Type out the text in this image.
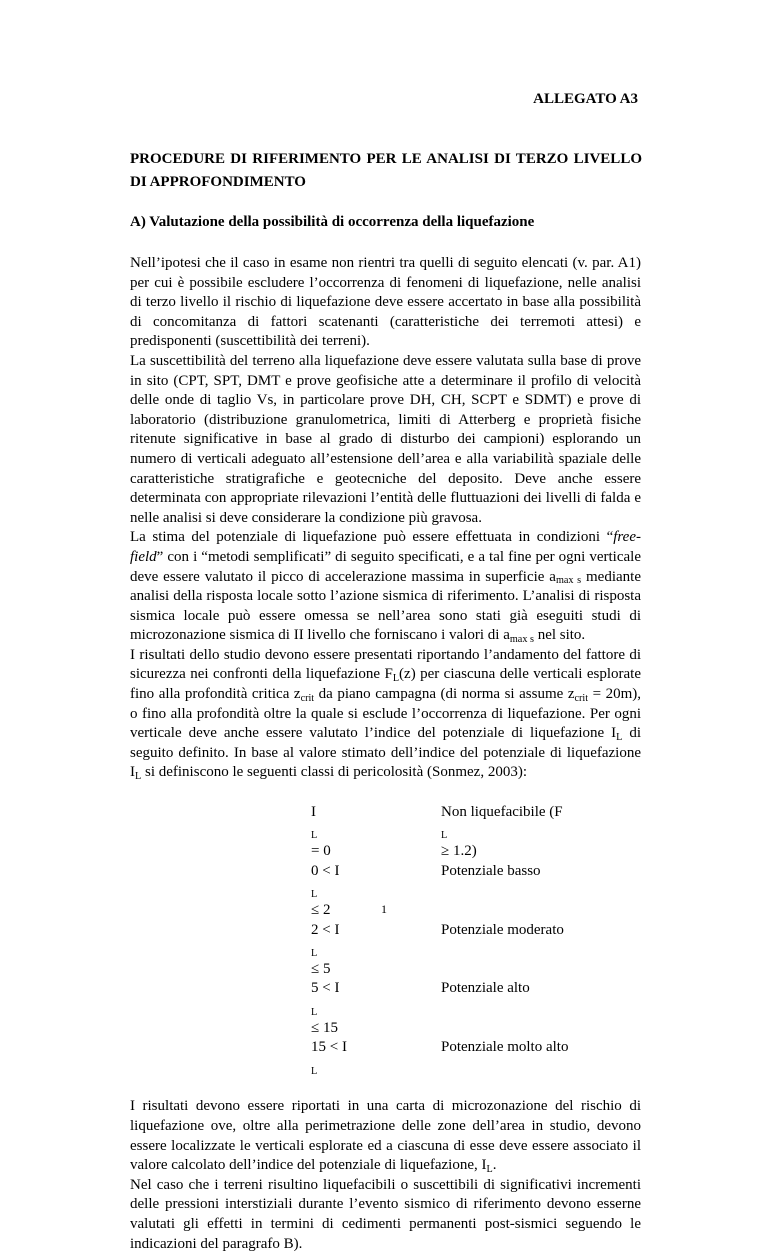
ALLEGATO A3
PROCEDURE DI RIFERIMENTO PER LE ANALISI DI TERZO LIVELLO DI APPROFONDIMENTO
A) Valutazione della possibilità di occorrenza della liquefazione

Nell’ipotesi che il caso in esame non rientri tra quelli di seguito elencati (v. par. A1) per cui è possibile escludere l’occorrenza di fenomeni di liquefazione, nelle analisi di terzo livello il rischio di liquefazione deve essere accertato in base alla possibilità di concomitanza di fattori scatenanti (caratteristiche dei terremoti attesi) e predisponenti (suscettibilità dei terreni).

La suscettibilità del terreno alla liquefazione deve essere valutata sulla base di prove in sito (CPT, SPT, DMT e prove geofisiche atte a determinare il profilo di velocità delle onde di taglio Vs, in particolare prove DH, CH, SCPT e SDMT) e prove di laboratorio (distribuzione granulometrica, limiti di Atterberg e proprietà fisiche ritenute significative in base al grado di disturbo dei campioni) esplorando un numero di verticali adeguato all’estensione dell’area e alla variabilità spaziale delle caratteristiche stratigrafiche e geotecniche del deposito. Deve anche essere determinata con appropriate rilevazioni l’entità delle fluttuazioni dei livelli di falda e nelle analisi si deve considerare la condizione più gravosa.

La stima del potenziale di liquefazione può essere effettuata in condizioni “free-field” con i “metodi semplificati” di seguito specificati, e a tal fine per ogni verticale deve essere valutato il picco di accelerazione massima in superficie $a_{max s}$ mediante analisi della risposta locale sotto l’azione sismica di riferimento. L’analisi di risposta sismica locale può essere omessa se nell’area sono stati già eseguiti studi di microzonazione sismica di II livello che forniscano i valori di $a_{max s}$ nel sito.

I risultati dello studio devono essere presentati riportando l’andamento del fattore di sicurezza nei confronti della liquefazione $F_L(z)$ per ciascuna delle verticali esplorate fino alla profondità critica $z_{crit}$ da piano campagna (di norma si assume $z_{crit} = 20m$), o fino alla profondità oltre la quale si esclude l’occorrenza di liquefazione. Per ogni verticale deve anche essere valutato l’indice del potenziale di liquefazione $I_L$ di seguito definito. In base al valore stimato dell’indice del potenziale di liquefazione $I_L$ si definiscono le seguenti classi di pericolosità (Sonmez, 2003):

I
$_L$
= 0
Non liquefacibile (F
$_L$
≥ 1.2)
0 < I
$_L$
≤ 2
Potenziale basso
2 < I
$_L$
≤ 5
Potenziale moderato
5 < I
$_L$
≤ 15
Potenziale alto
15 < I
$_L$
Potenziale molto alto

I risultati devono essere riportati in una carta di microzonazione del rischio di liquefazione ove, oltre alla perimetrazione delle zone dell’area in studio, devono essere localizzate le verticali esplorate ed a ciascuna di esse deve essere associato il valore calcolato dell’indice del potenziale di liquefazione, $I_L$.

Nel caso che i terreni risultino liquefacibili o suscettibili di significativi incrementi delle pressioni interstiziali durante l’evento sismico di riferimento devono esserne valutati gli effetti in termini di cedimenti permanenti post-sismici seguendo le indicazioni del paragrafo B).

1
